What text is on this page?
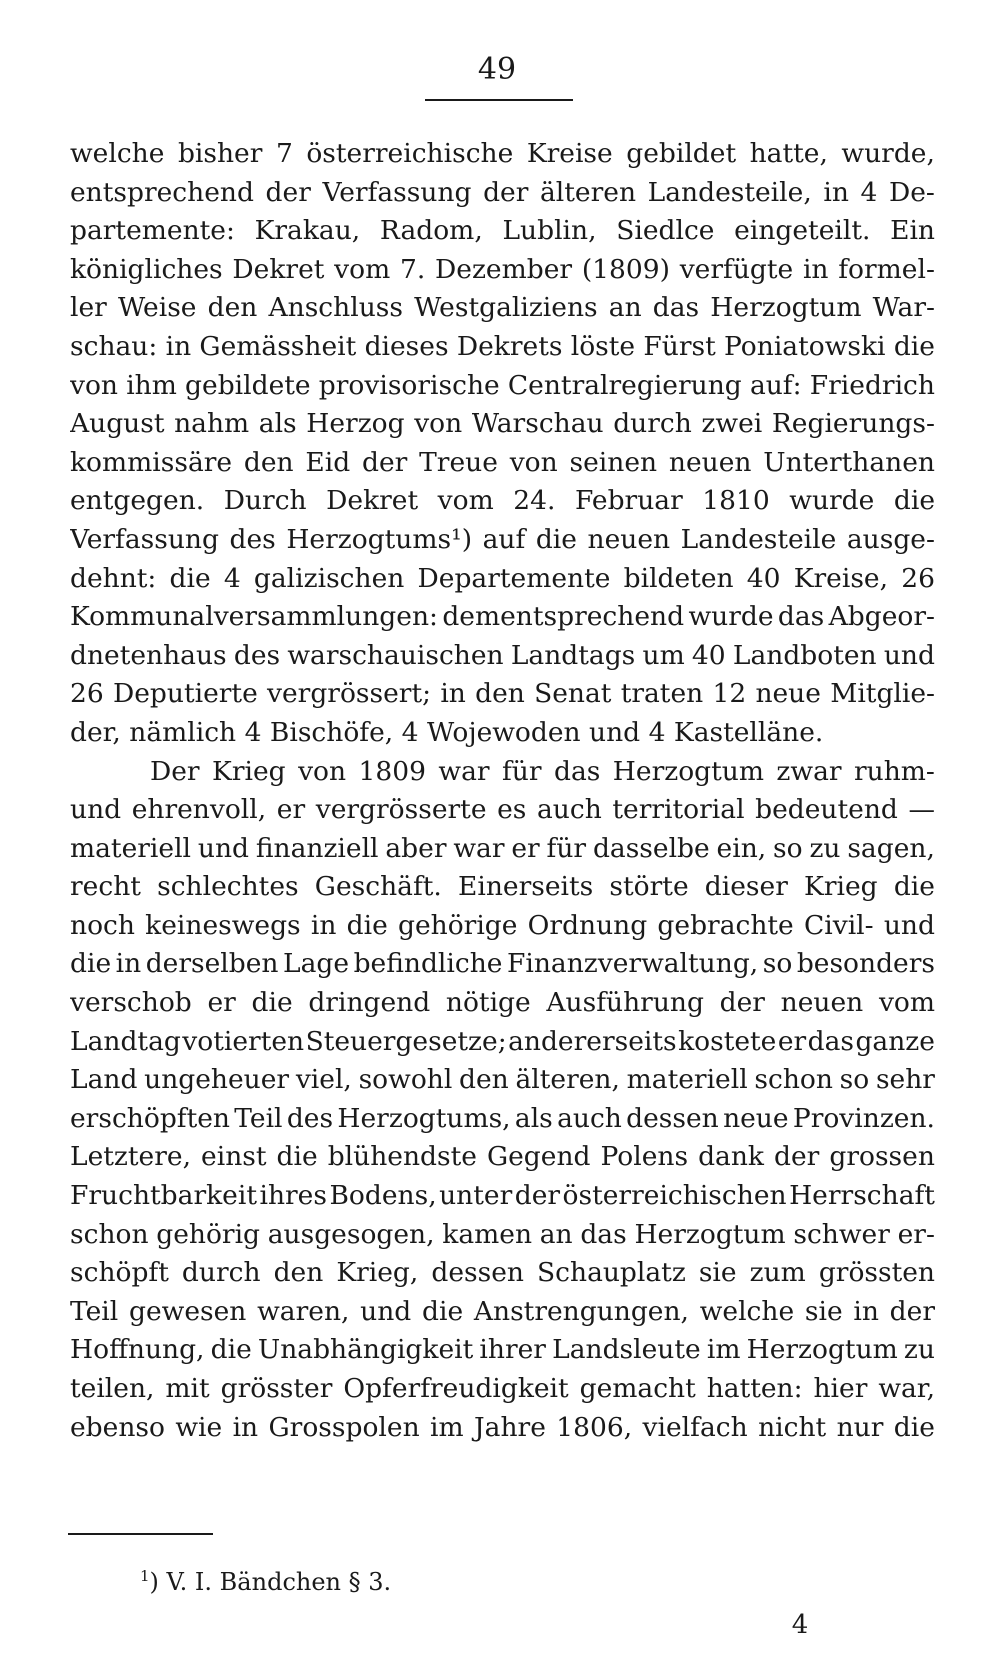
49
welche bisher 7 österreichische Kreise gebildet hatte, wurde,
entsprechend der Verfassung der älteren Landesteile, in 4 De-
partemente: Krakau, Radom, Lublin, Siedlce eingeteilt. Ein
königliches Dekret vom 7. Dezember (1809) verfügte in formel-
ler Weise den Anschluss Westgaliziens an das Herzogtum War-
schau: in Gemässheit dieses Dekrets löste Fürst Poniatowski die
von ihm gebildete provisorische Centralregierung auf: Friedrich
August nahm als Herzog von Warschau durch zwei Regierungs-
kommissäre den Eid der Treue von seinen neuen Unterthanen
entgegen. Durch Dekret vom 24. Februar 1810 wurde die
Verfassung des Herzogtums¹) auf die neuen Landesteile ausge-
dehnt: die 4 galizischen Departemente bildeten 40 Kreise, 26
Kommunalversammlungen: dementsprechend wurde das Abgeor-
dnetenhaus des warschauischen Landtags um 40 Landboten und
26 Deputierte vergrössert; in den Senat traten 12 neue Mitglie-
der,
nämlich
4
Bischöfe,
4
Wojewoden
und
4
Kastelläne.

Der Krieg von 1809 war für das Herzogtum zwar ruhm-
und ehrenvoll, er vergrösserte es auch territorial bedeutend —
materiell und finanziell aber war er für dasselbe ein, so zu sagen,
recht schlechtes Geschäft. Einerseits störte dieser Krieg die
noch keineswegs in die gehörige Ordnung gebrachte Civil- und
die in derselben Lage befindliche Finanzverwaltung, so besonders
verschob er die dringend nötige Ausführung der neuen vom
Landtag votierten Steuergesetze; andererseits kostete er das ganze
Land ungeheuer viel, sowohl den älteren, materiell schon so sehr
erschöpften Teil des Herzogtums, als auch dessen neue Provinzen.
Letztere, einst die blühendste Gegend Polens dank der grossen
Fruchtbarkeit ihres Bodens, unter der österreichischen Herrschaft
schon gehörig ausgesogen, kamen an das Herzogtum schwer er-
schöpft durch den Krieg, dessen Schauplatz sie zum grössten
Teil gewesen waren, und die Anstrengungen, welche sie in der
Hoffnung, die Unabhängigkeit ihrer Landsleute im Herzogtum zu
teilen, mit grösster Opferfreudigkeit gemacht hatten: hier war,
ebenso wie in Grosspolen im Jahre 1806, vielfach nicht nur die
$^1$) V. I. Bändchen § 3.
4
